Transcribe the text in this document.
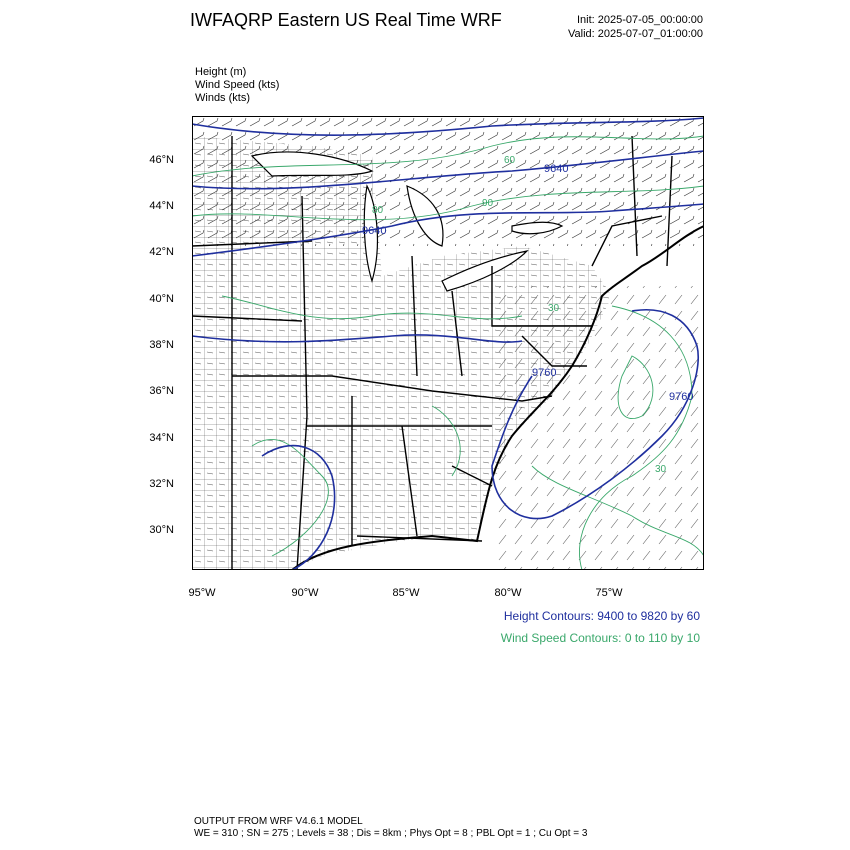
IWFAQRP Eastern US Real Time WRF	Init: 2025-07-05_00:00:00
Valid: 2025-07-07_01:00:00
Height (m)
Wind Speed (kts)
Winds (kts)
9640
9640
9760
9760
60
80
90
30
30
46°N
44°N
42°N
40°N
38°N
36°N
34°N
32°N
30°N
95°W	90°W	85°W	80°W	75°W
Height Contours: 9400 to 9820 by 60
Wind Speed Contours: 0 to 110 by 10
OUTPUT FROM WRF V4.6.1 MODEL
WE = 310 ; SN = 275 ; Levels = 38 ; Dis = 8km ; Phys Opt = 8 ; PBL Opt = 1 ; Cu Opt = 3
